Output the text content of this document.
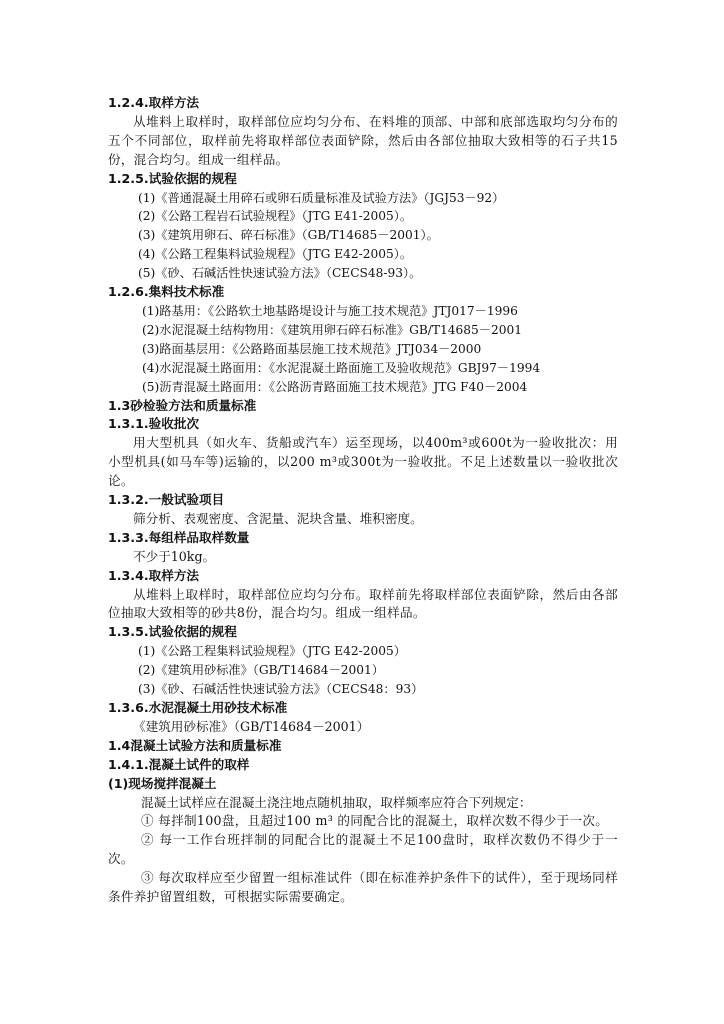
1.2.4.取样方法

从堆料上取样时，取样部位应均匀分布、在料堆的顶部、中部和底部选取均匀分布的五个不同部位，取样前先将取样部位表面铲除，然后由各部位抽取大致相等的石子共15份，混合均匀。组成一组样品。

1.2.5.试验依据的规程

(1)《普通混凝土用碎石或卵石质量标准及试验方法》（JGJ53－92）

(2)《公路工程岩石试验规程》（JTG E41-2005）。

(3)《建筑用卵石、碎石标准》（GB/T14685－2001）。

(4)《公路工程集料试验规程》（JTG E42-2005）。

(5)《砂、石碱活性快速试验方法》（CECS48-93）。

1.2.6.集料技术标准

(1)路基用：《公路软土地基路堤设计与施工技术规范》JTJ017－1996

(2)水泥混凝土结构物用：《建筑用卵石碎石标准》GB/T14685－2001

(3)路面基层用：《公路路面基层施工技术规范》JTJ034－2000

(4)水泥混凝土路面用：《水泥混凝土路面施工及验收规范》GBJ97－1994

(5)沥青混凝土路面用：《公路沥青路面施工技术规范》JTG F40－2004

1.3砂检验方法和质量标准

1.3.1.验收批次

用大型机具（如火车、货船或汽车）运至现场，以400m³或600t为一验收批次：用小型机具(如马车等)运输的，以200 m³或300t为一验收批。不足上述数量以一验收批次论。

1.3.2.一般试验项目

筛分析、表观密度、含泥量、泥块含量、堆积密度。

1.3.3.每组样品取样数量

不少于10kg。

1.3.4.取样方法

从堆料上取样时，取样部位应均匀分布。取样前先将取样部位表面铲除，然后由各部位抽取大致相等的砂共8份，混合均匀。组成一组样品。

1.3.5.试验依据的规程

(1)《公路工程集料试验规程》（JTG E42-2005）

(2)《建筑用砂标准》（GB/T14684－2001）

(3)《砂、石碱活性快速试验方法》（CECS48：93）

1.3.6.水泥混凝土用砂技术标准

《建筑用砂标准》（GB/T14684－2001）

1.4混凝土试验方法和质量标准

1.4.1.混凝土试件的取样

(1)现场搅拌混凝土

混凝土试样应在混凝土浇注地点随机抽取，取样频率应符合下列规定：

① 每拌制100盘，且超过100 m³ 的同配合比的混凝土，取样次数不得少于一次。

② 每一工作台班拌制的同配合比的混凝土不足100盘时，取样次数仍不得少于一次。

③ 每次取样应至少留置一组标准试件（即在标准养护条件下的试件），至于现场同样条件养护留置组数，可根据实际需要确定。
